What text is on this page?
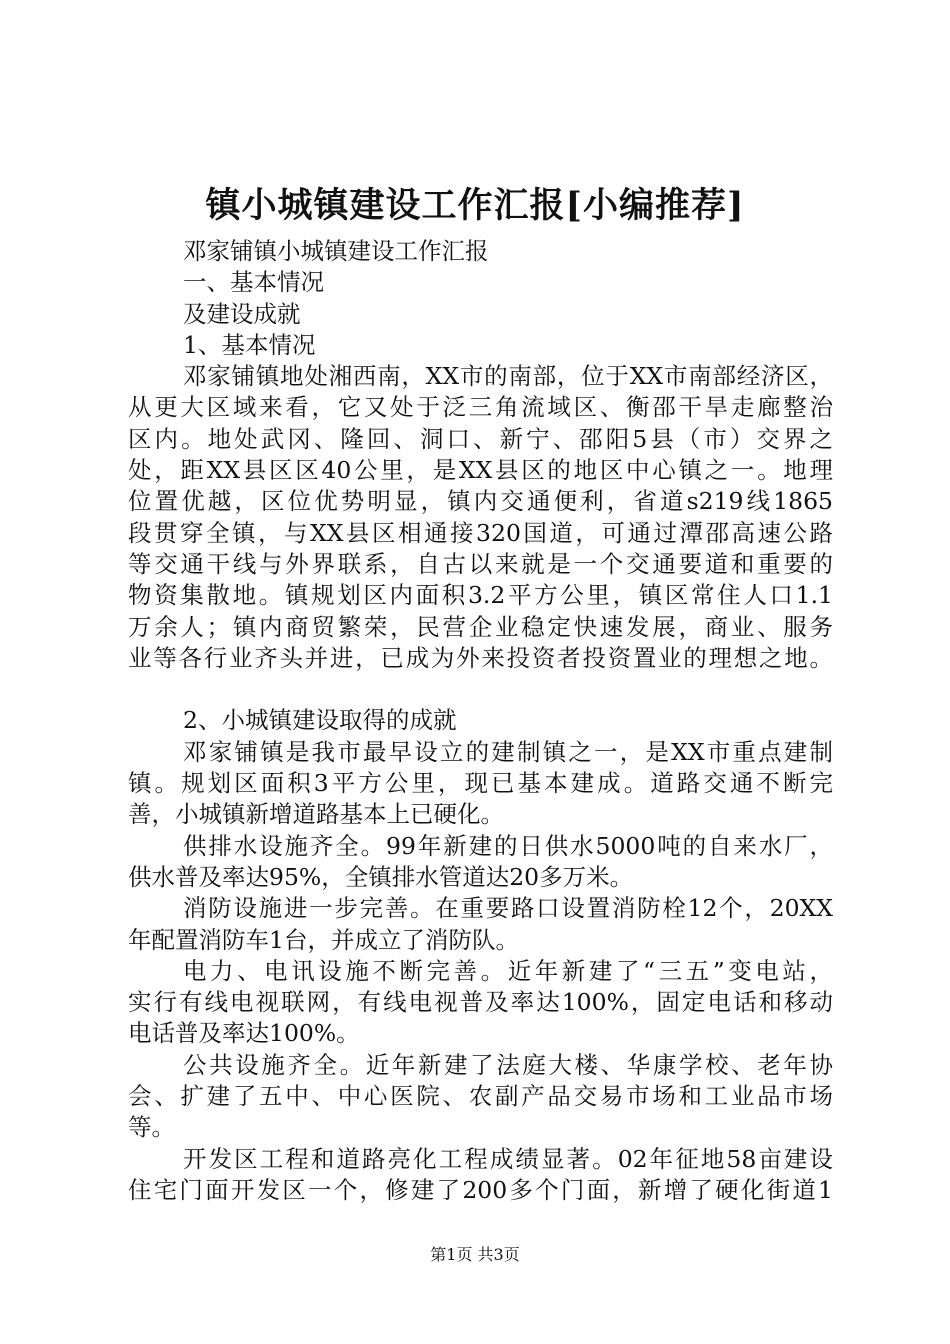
镇小城镇建设工作汇报[小编推荐]
邓家铺镇小城镇建设工作汇报
一、基本情况
及建设成就
1、基本情况
邓家铺镇地处湘西南，XX市的南部，位于XX市南部经济区，
从更大区域来看，它又处于泛三角流域区、衡邵干旱走廊整治
区内。地处武冈、隆回、洞口、新宁、邵阳5县（市）交界之
处，距XX县区区40公里，是XX县区的地区中心镇之一。地理
位置优越，区位优势明显，镇内交通便利，省道s219线1865
段贯穿全镇，与XX县区相通接320国道，可通过潭邵高速公路
等交通干线与外界联系，自古以来就是一个交通要道和重要的
物资集散地。镇规划区内面积3.2平方公里，镇区常住人口1.1
万余人；镇内商贸繁荣，民营企业稳定快速发展，商业、服务
业等各行业齐头并进，已成为外来投资者投资置业的理想之地。
2、小城镇建设取得的成就
邓家铺镇是我市最早设立的建制镇之一，是XX市重点建制
镇。规划区面积3平方公里，现已基本建成。道路交通不断完
善，小城镇新增道路基本上已硬化。
供排水设施齐全。99年新建的日供水5000吨的自来水厂，
供水普及率达95%，全镇排水管道达20多万米。
消防设施进一步完善。在重要路口设置消防栓12个，20XX
年配置消防车1台，并成立了消防队。
电力、电讯设施不断完善。近年新建了“三五”变电站，
实行有线电视联网，有线电视普及率达100%，固定电话和移动
电话普及率达100%。
公共设施齐全。近年新建了法庭大楼、华康学校、老年协
会、扩建了五中、中心医院、农副产品交易市场和工业品市场
等。
开发区工程和道路亮化工程成绩显著。02年征地58亩建设
住宅门面开发区一个，修建了200多个门面，新增了硬化街道1
第1页 共3页
